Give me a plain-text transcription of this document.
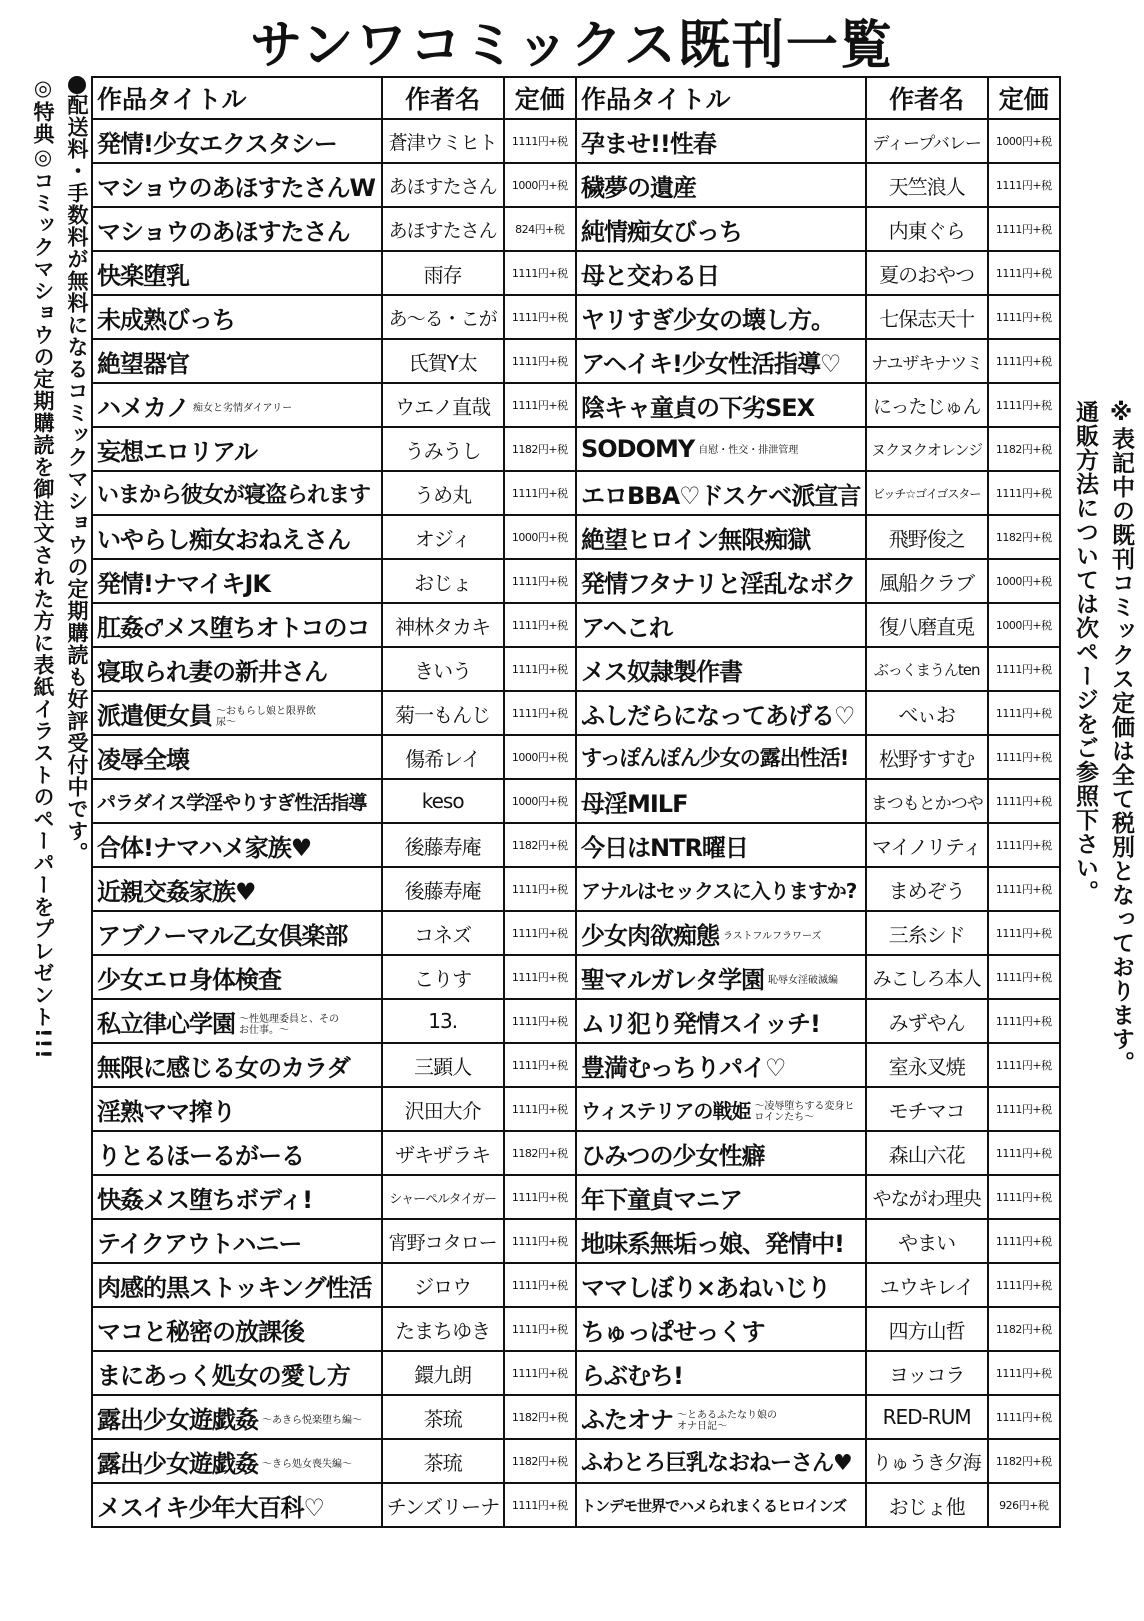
サンワコミックス既刊一覧
配送料・手数料が無料になるコミックマショウの定期購読も好評受付中です。
◎特典◎コミックマショウの定期購読を御注文された方に表紙イラストのペーパーをプレゼント!!!	※表記中の既刊コミックス定価は全て税別となっております。
通販方法については次ページをご参照下さい。
作品タイトル	作者名	定価	作品タイトル	作者名	定価
発情!少女エクスタシー	蒼津ウミヒト	1111円+税	孕ませ!!性春	ディープバレー	1000円+税
マショウのあほすたさんW	あほすたさん	1000円+税	穢夢の遺産	天竺浪人	1111円+税
マショウのあほすたさん	あほすたさん	824円+税	純情痴女びっち	内東ぐら	1111円+税
快楽堕乳	雨存	1111円+税	母と交わる日	夏のおやつ	1111円+税
未成熟びっち	あ～る・こが	1111円+税	ヤリすぎ少女の壊し方。	七保志天十	1111円+税
絶望器官	氏賀Y太	1111円+税	アヘイキ!少女性活指導♡	ナユザキナツミ	1111円+税
ハメカノ 痴女と劣情ダイアリー	ウエノ直哉	1111円+税	陰キャ童貞の下劣SEX	にったじゅん	1111円+税
妄想エロリアル	うみうし	1182円+税	SODOMY 自慰・性交・排泄管理	ヌクヌクオレンジ	1182円+税
いまから彼女が寝盗られます	うめ丸	1111円+税	エロBBA♡ドスケベ派宣言	ビッチ☆ゴイゴスター	1111円+税
いやらし痴女おねえさん	オジィ	1000円+税	絶望ヒロイン無限痴獄	飛野俊之	1182円+税
発情!ナマイキJK	おじょ	1111円+税	発情フタナリと淫乱なボク	風船クラブ	1000円+税
肛姦♂メス堕ちオトコのコ	神林タカキ	1111円+税	アヘこれ	復八磨直兎	1000円+税
寝取られ妻の新井さん	きいう	1111円+税	メス奴隷製作書	ぶっくまうんten	1111円+税
派遣便女員 ～おもらし娘と限界飲尿～	菊一もんじ	1111円+税	ふしだらになってあげる♡	べぃお	1111円+税
凌辱全壊	傷希レイ	1000円+税	すっぽんぽん少女の露出性活!	松野すすむ	1111円+税
パラダイス学淫やりすぎ性活指導	keso	1000円+税	母淫MILF	まつもとかつや	1111円+税
合体!ナマハメ家族♥	後藤寿庵	1182円+税	今日はNTR曜日	マイノリティ	1111円+税
近親交姦家族♥	後藤寿庵	1111円+税	アナルはセックスに入りますか?	まめぞう	1111円+税
アブノーマル乙女倶楽部	コネズ	1111円+税	少女肉欲痴態 ラストフルフラワーズ	三糸シド	1111円+税
少女エロ身体検査	こりす	1111円+税	聖マルガレタ学園 恥辱女淫破滅編	みこしろ本人	1111円+税
私立律心学園 ～性処理委員と、そのお仕事。～	13.	1111円+税	ムリ犯り発情スイッチ!	みずやん	1111円+税
無限に感じる女のカラダ	三顕人	1111円+税	豊満むっちりパイ♡	室永叉焼	1111円+税
淫熟ママ搾り	沢田大介	1111円+税	ウィステリアの戦姫 ～凌辱堕ちする変身ヒロインたち～	モチマコ	1111円+税
りとるほーるがーる	ザキザラキ	1182円+税	ひみつの少女性癖	森山六花	1111円+税
快姦メス堕ちボディ!	シャーペルタイガー	1111円+税	年下童貞マニア	やながわ理央	1111円+税
テイクアウトハニー	宵野コタロー	1111円+税	地味系無垢っ娘、発情中!	やまい	1111円+税
肉感的黒ストッキング性活	ジロウ	1111円+税	ママしぼり×あねいじり	ユウキレイ	1111円+税
マコと秘密の放課後	たまちゆき	1111円+税	ちゅっぱせっくす	四方山哲	1182円+税
まにあっく処女の愛し方	鐶九朗	1111円+税	らぶむち!	ヨッコラ	1111円+税
露出少女遊戯姦 ～あきら悦楽堕ち編～	茶琉	1182円+税	ふたオナ ～とあるふたなり娘のオナ日記～	RED-RUM	1111円+税
露出少女遊戯姦 ～きら処女喪失編～	茶琉	1182円+税	ふわとろ巨乳なおねーさん♥	りゅうき夕海	1182円+税
メスイキ少年大百科♡	チンズリーナ	1111円+税	トンデモ世界でハメられまくるヒロインズ	おじょ他	926円+税
